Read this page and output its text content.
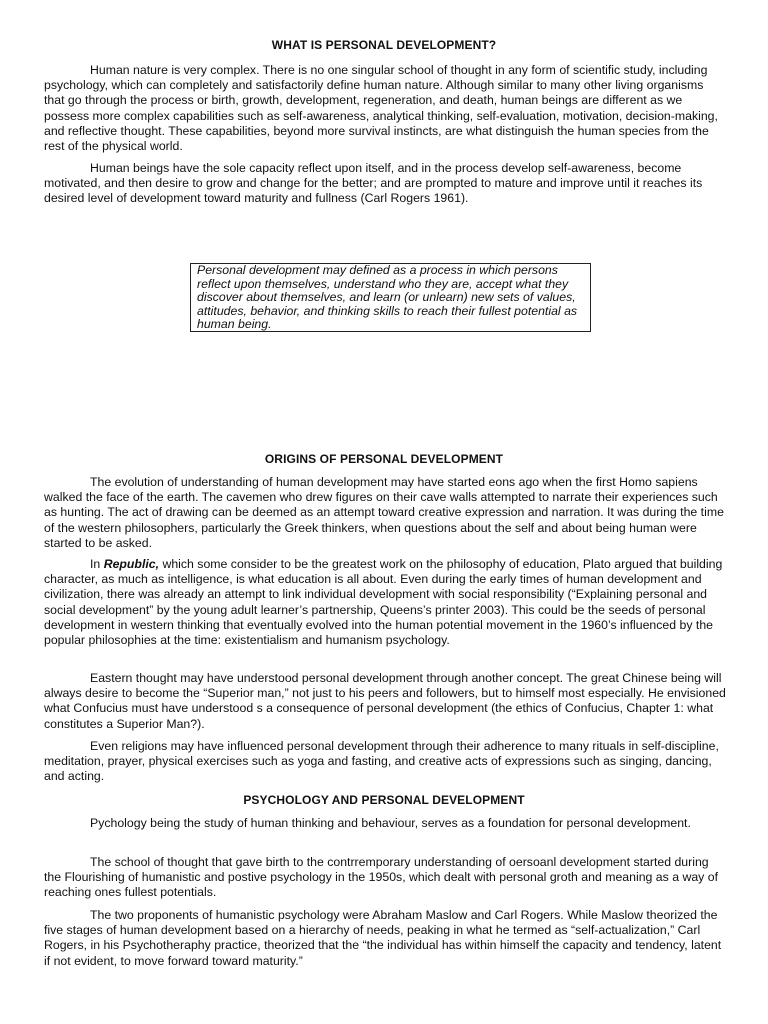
WHAT IS PERSONAL DEVELOPMENT?

Human nature is very complex. There is no one singular school of thought in any form of scientific study, including psychology, which can completely and satisfactorily define human nature. Although similar to many other living organisms that go through the process or birth, growth, development, regeneration, and death, human beings are different as we possess more complex capabilities such as self-awareness, analytical thinking, self-evaluation, motivation, decision-making, and reflective thought. These capabilities, beyond more survival instincts, are what distinguish the human species from the rest of the physical world.

Human beings have the sole capacity reflect upon itself, and in the process develop self-awareness, become motivated, and then desire to grow and change for the better; and are prompted to mature and improve until it reaches its desired level of development toward maturity and fullness (Carl Rogers 1961).

Personal development may defined as a process in which persons reflect upon themselves, understand who they are, accept what they discover about themselves, and learn (or unlearn) new sets of values, attitudes, behavior, and thinking skills to reach their fullest potential as human being.
ORIGINS OF PERSONAL DEVELOPMENT

The evolution of understanding of human development may have started eons ago when the first Homo sapiens walked the face of the earth. The cavemen who drew figures on their cave walls attempted to narrate their experiences such as hunting. The act of drawing can be deemed as an attempt toward creative expression and narration. It was during the time of the western philosophers, particularly the Greek thinkers, when questions about the self and about being human were started to be asked.

In Republic, which some consider to be the greatest work on the philosophy of education, Plato argued that building character, as much as intelligence, is what education is all about. Even during the early times of human development and civilization, there was already an attempt to link individual development with social responsibility (“Explaining personal and social development” by the young adult learner’s partnership, Queens’s printer 2003). This could be the seeds of personal development in western thinking that eventually evolved into the human potential movement in the 1960’s influenced by the popular philosophies at the time: existentialism and humanism psychology.

Eastern thought may have understood personal development through another concept. The great Chinese being will always desire to become the “Superior man,” not just to his peers and followers, but to himself most especially. He envisioned what Confucius must have understood s a consequence of personal development (the ethics of Confucius, Chapter 1: what constitutes a Superior Man?).

Even religions may have influenced personal development through their adherence to many rituals in self-discipline, meditation, prayer, physical exercises such as yoga and fasting, and creative acts of expressions such as singing, dancing, and acting.

PSYCHOLOGY AND PERSONAL DEVELOPMENT

Pychology being the study of human thinking and behaviour, serves as a foundation for personal development.

The school of thought that gave birth to the contrremporary understanding of oersoanl development started during the Flourishing of humanistic and postive psychology in the 1950s, which dealt with personal groth and meaning as a way of reaching ones fullest potentials.

The two proponents of humanistic psychology were Abraham Maslow and Carl Rogers. While Maslow theorized the five stages of human development based on a hierarchy of needs, peaking in what he termed as “self-actualization,” Carl Rogers, in his Psychotheraphy practice, theorized that the “the individual has within himself the capacity and tendency, latent if not evident, to move forward toward maturity.”
